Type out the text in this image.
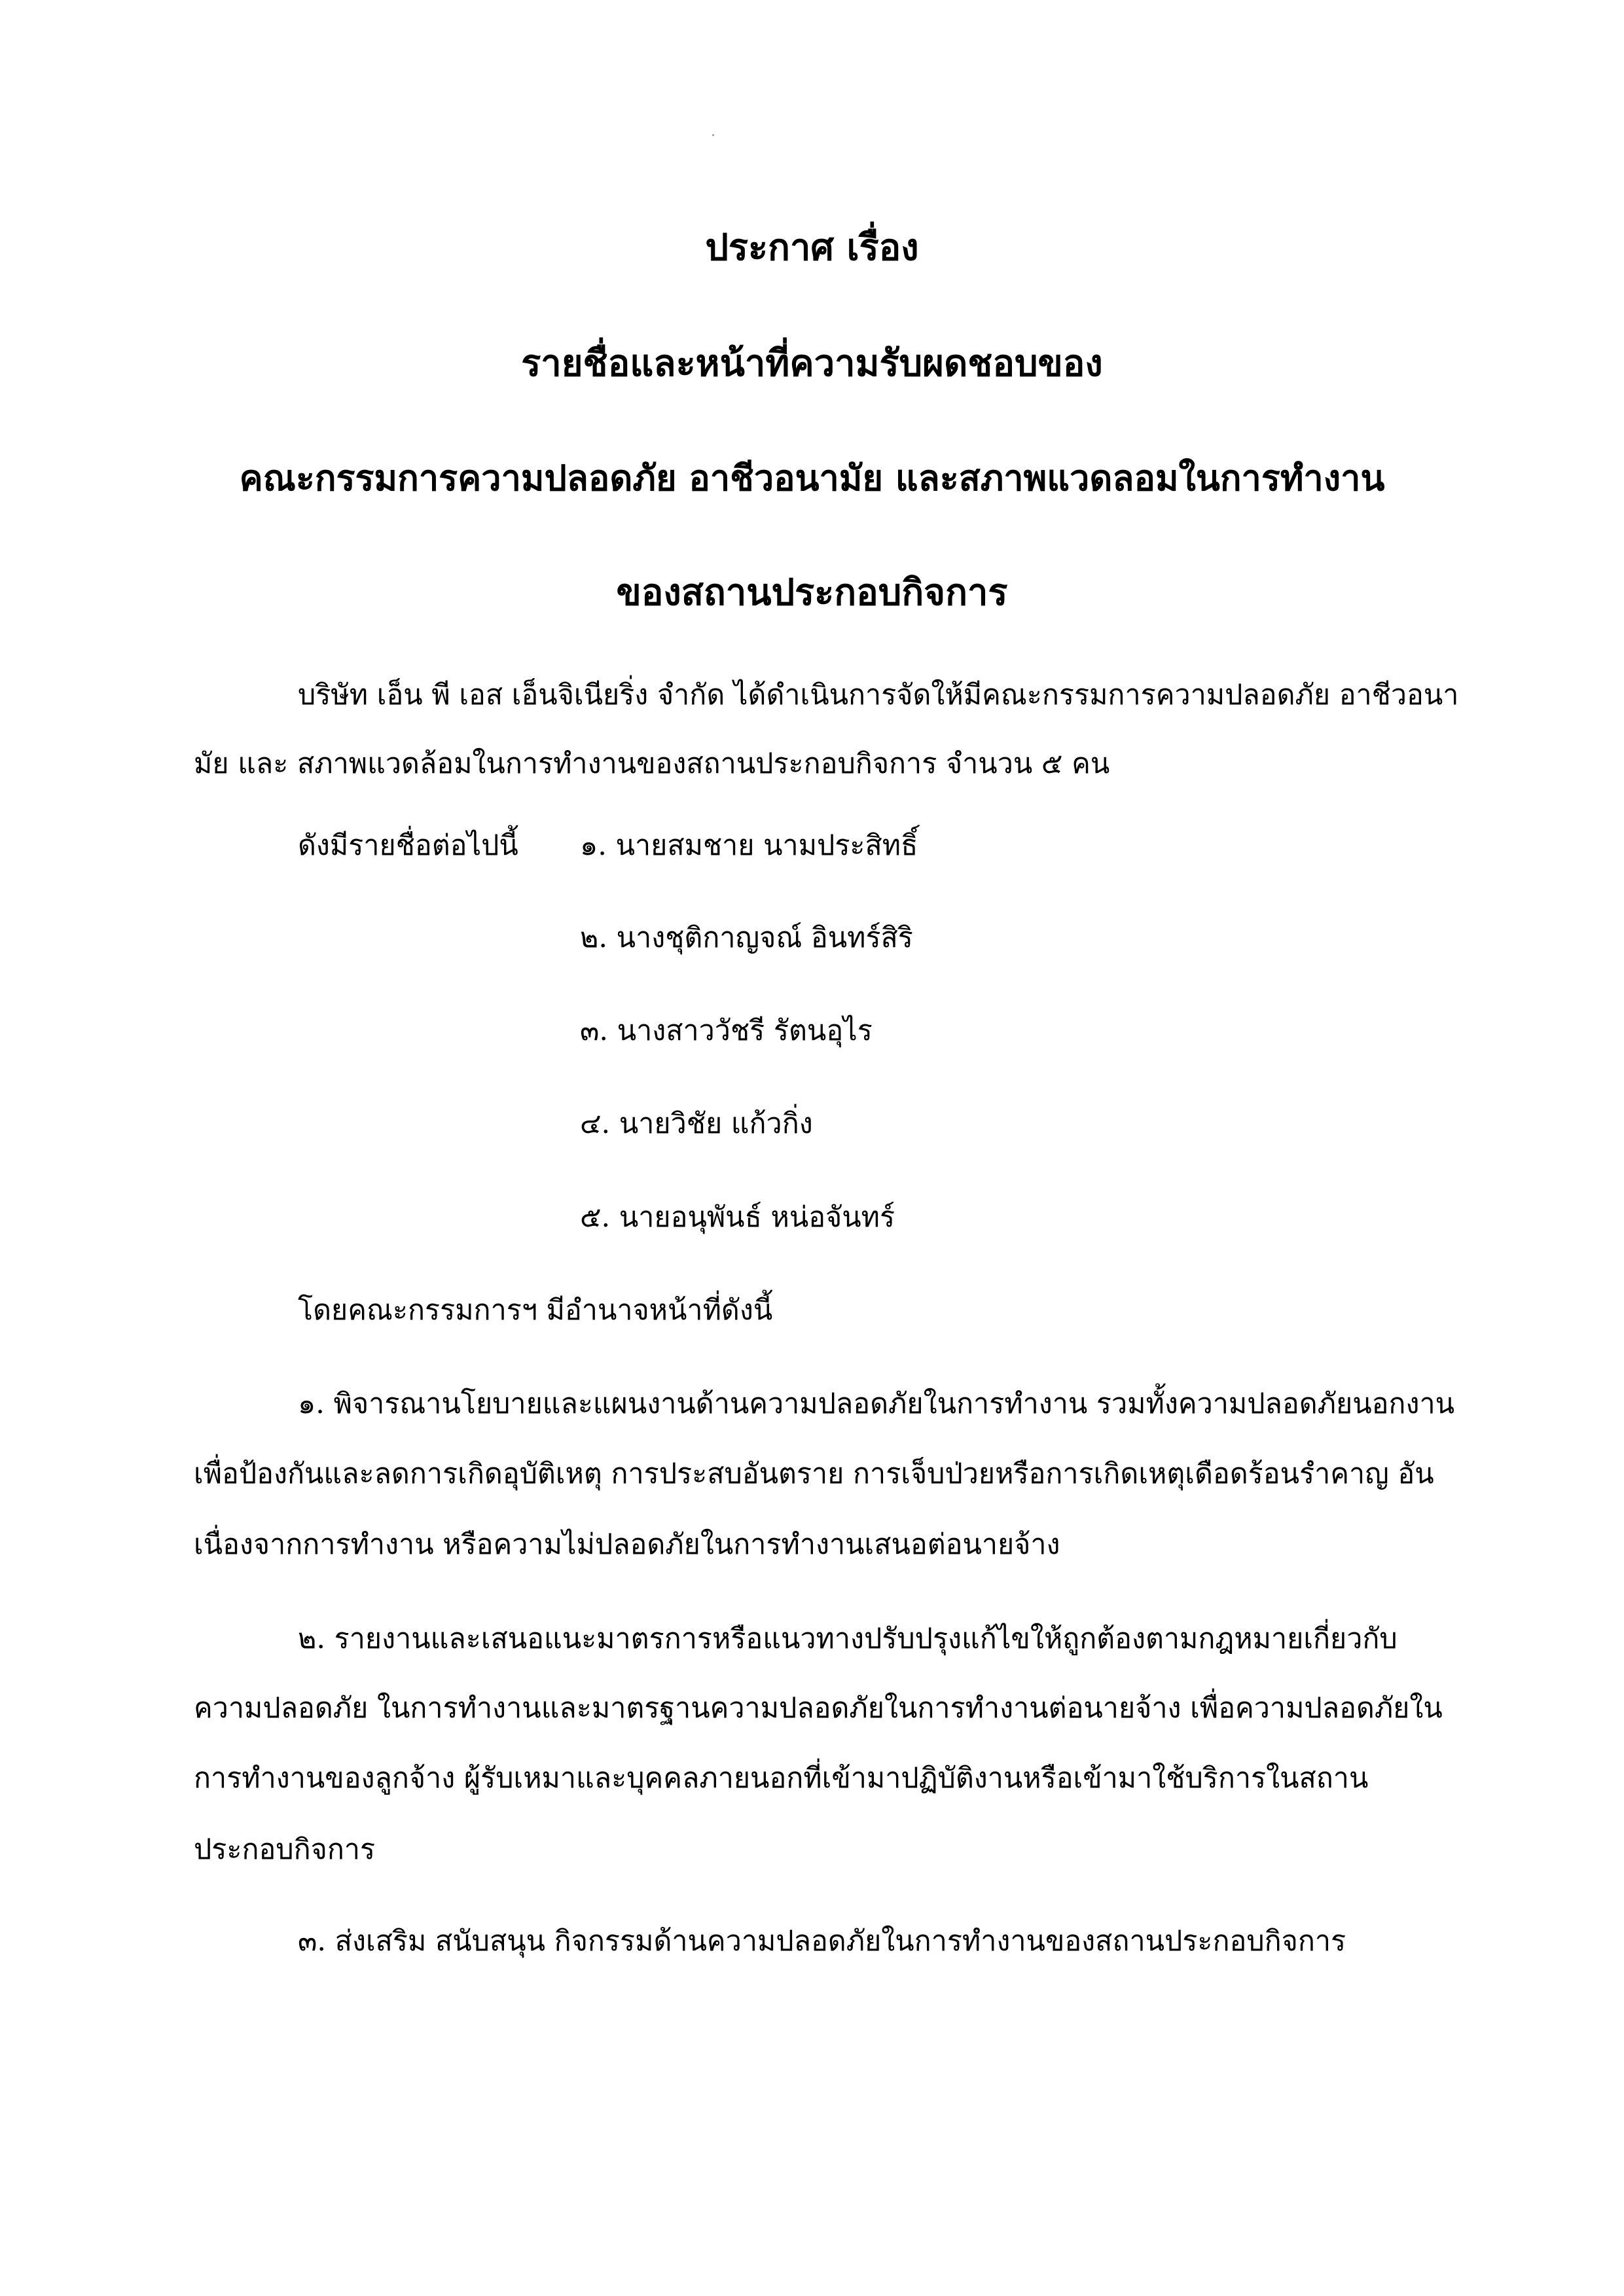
ประกาศ เรื่อง
รายชื่อและหน้าที่ความรับผดชอบของ
คณะกรรมการความปลอดภัย อาชีวอนามัย และสภาพแวดลอมในการทำงาน
ของสถานประกอบกิจการ
บริษัท เอ็น พี เอส เอ็นจิเนียริ่ง จำกัด ได้ดำเนินการจัดให้มีคณะกรรมการความปลอดภัย อาชีวอนา
มัย และ สภาพแวดล้อมในการทำงานของสถานประกอบกิจการ จำนวน ๕ คน
ดังมีรายชื่อต่อไปนี้ ๑. นายสมชาย นามประสิทธิ์
๒. นางชุติกาญจณ์ อินทร์สิริ
๓. นางสาววัชรี รัตนอุไร
๔. นายวิชัย แก้วกิ่ง
๕. นายอนุพันธ์ หน่อจันทร์
โดยคณะกรรมการฯ มีอำนาจหน้าที่ดังนี้
๑. พิจารณานโยบายและแผนงานด้านความปลอดภัยในการทำงาน รวมทั้งความปลอดภัยนอกงาน
เพื่อป้องกันและลดการเกิดอุบัติเหตุ การประสบอันตราย การเจ็บป่วยหรือการเกิดเหตุเดือดร้อนรำคาญ อัน
เนื่องจากการทำงาน หรือความไม่ปลอดภัยในการทำงานเสนอต่อนายจ้าง
๒. รายงานและเสนอแนะมาตรการหรือแนวทางปรับปรุงแก้ไขให้ถูกต้องตามกฎหมายเกี่ยวกับ
ความปลอดภัย ในการทำงานและมาตรฐานความปลอดภัยในการทำงานต่อนายจ้าง เพื่อความปลอดภัยใน
การทำงานของลูกจ้าง ผู้รับเหมาและบุคคลภายนอกที่เข้ามาปฏิบัติงานหรือเข้ามาใช้บริการในสถาน
ประกอบกิจการ
๓. ส่งเสริม สนับสนุน กิจกรรมด้านความปลอดภัยในการทำงานของสถานประกอบกิจการ
